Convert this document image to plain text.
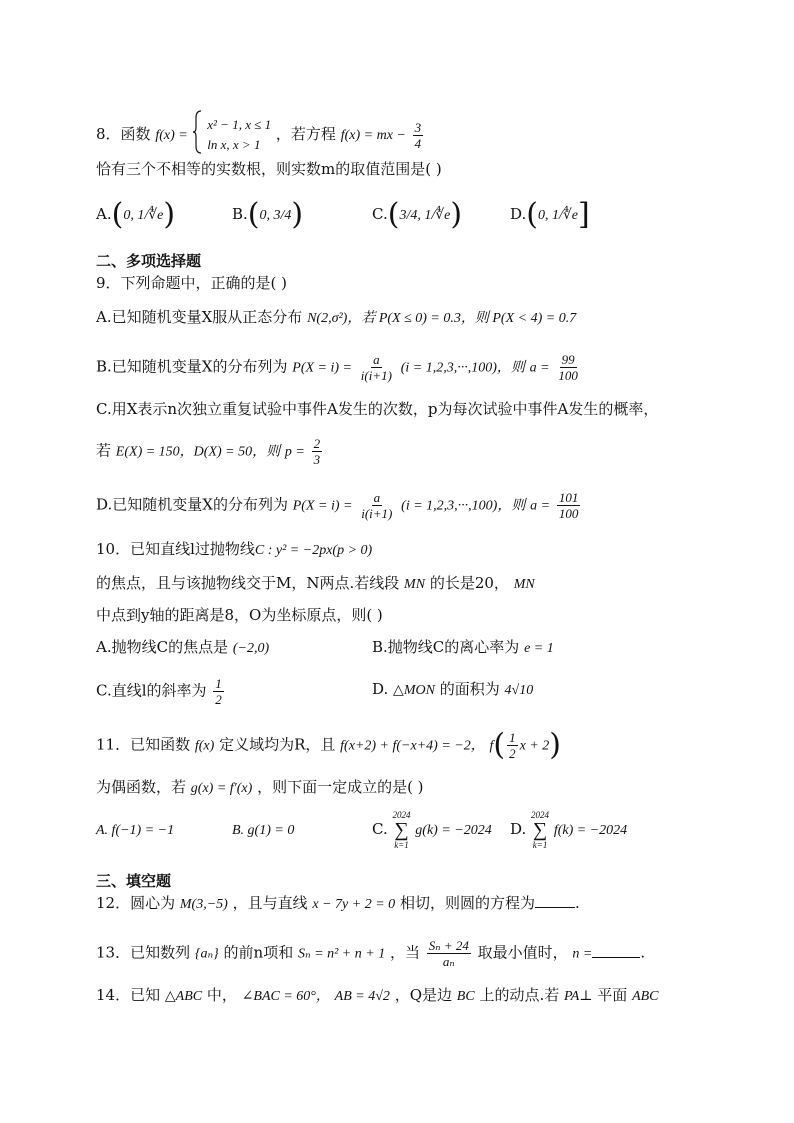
8．函数 f(x) =
x² − 1, x ≤ 1
ln x, x > 1
，若方程 f(x) = mx − $\frac{3}{4}$
恰有三个不相等的实数根，则实数m的取值范围是( )
A.(0, 1/∜e)	B.(0, 3/4)	C.(3/4, 1/∜e)	D.(0, 1/∜e]
二、多项选择题
9．下列命题中，正确的是( )
A.已知随机变量X服从正态分布 N(2,σ²)，若 P(X ≤ 0) = 0.3，则 P(X < 4) = 0.7
B.已知随机变量X的分布列为 $P(X = i) = \frac{a}{i(i+1)} (i = 1,2,3,\cdot\cdot\cdot,100)$，则 $a = \frac{99}{100}$
C.用X表示n次独立重复试验中事件A发生的次数，p为每次试验中事件A发生的概率，
若 E(X) = 150，D(X) = 50，则 $p = \frac{2}{3}$
D.已知随机变量X的分布列为 $P(X = i) = \frac{a}{i(i+1)} (i = 1,2,3,\cdot\cdot\cdot,100)$，则 $a = \frac{101}{100}$
10．已知直线l过抛物线C : y² = −2px(p > 0)
的焦点，且与该抛物线交于M，N两点.若线段 MN 的长是20， MN
中点到y轴的距离是8，O为坐标原点，则( )
A.抛物线C的焦点是 (−2,0)	B.抛物线C的离心率为 e = 1
C.直线l的斜率为 $\frac{1}{2}$	D. △MON 的面积为 4√10
11．已知函数 f(x) 定义域均为R，且 f(x+2) + f(−x+4) = −2， $f( \frac{1}{2}$ x + 2)
为偶函数，若 g(x) = f′(x) ，则下面一定成立的是( )
A. f(−1) = −1	B. g(1) = 0	C.
2024
∑
k=1
g(k) = −2024 D.
2024
∑
k=1
f(k) = −2024
三、填空题
12．圆心为 M(3,−5) ，且与直线 x − 7y + 2 = 0 相切，则圆的方程为	.
13．已知数列 {aₙ} 的前n项和 Sₙ = n² + n + 1 ，当 $\frac{\text{Sₙ + 24}}{\text{aₙ}}$ 取最小值时， n =	.
14．已知 △ABC 中， ∠BAC = 60°， AB = 4√2 ，Q是边 BC 上的动点.若 PA⊥ 平面 ABC
